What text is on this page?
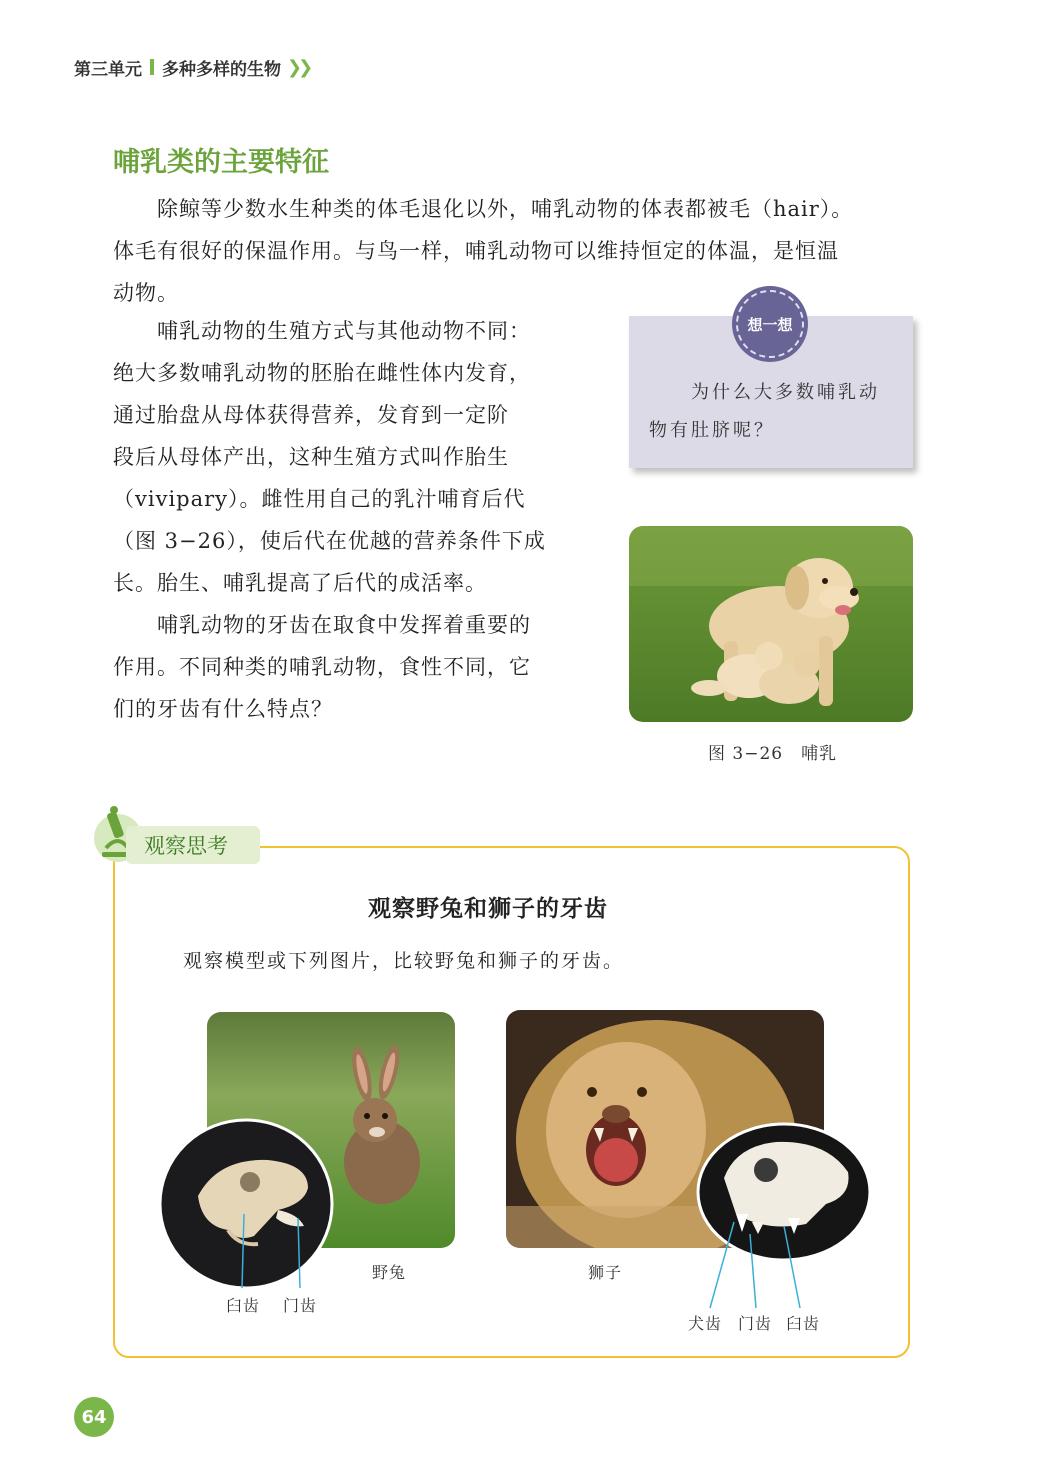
第三单元 多种多样的生物 ❯❯
哺乳类的主要特征

除鲸等少数水生种类的体毛退化以外，哺乳动物的体表都被毛（hair）。

体毛有很好的保温作用。与鸟一样，哺乳动物可以维持恒定的体温，是恒温

动物。

哺乳动物的生殖方式与其他动物不同：

绝大多数哺乳动物的胚胎在雌性体内发育，

通过胎盘从母体获得营养，发育到一定阶

段后从母体产出，这种生殖方式叫作胎生

（vivipary）。雌性用自己的乳汁哺育后代

（图 3−26），使后代在优越的营养条件下成

长。胎生、哺乳提高了后代的成活率。

哺乳动物的牙齿在取食中发挥着重要的

作用。不同种类的哺乳动物，食性不同，它

们的牙齿有什么特点？

为什么大多数哺乳动
物有肚脐呢？
想一想
图 3−26　哺乳
观察思考
观察野兔和狮子的牙齿
观察模型或下列图片，比较野兔和狮子的牙齿。
臼齿 门齿
野兔	狮子
犬齿 门齿 臼齿
64
